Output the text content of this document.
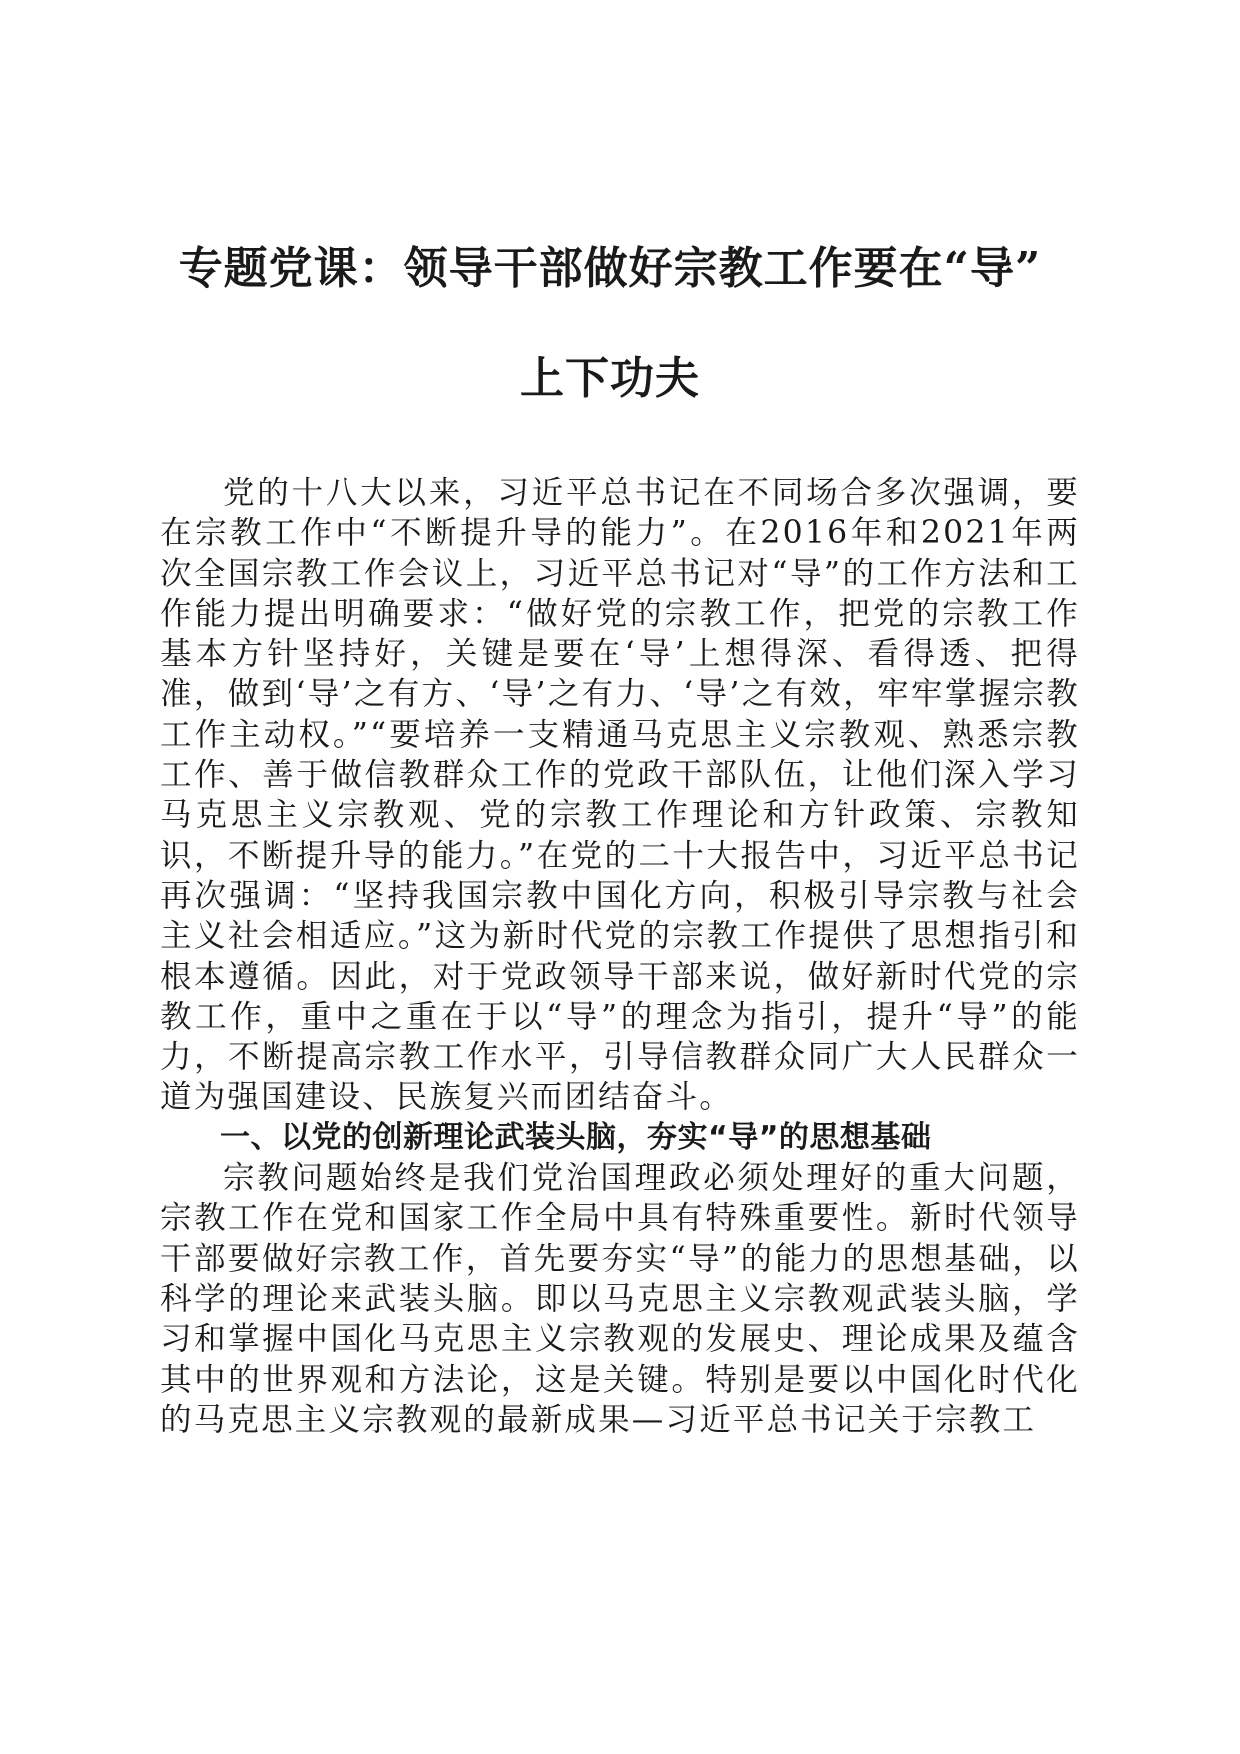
专题党课：领导干部做好宗教工作要在“导”
上下功夫

党的十八大以来，习近平总书记在不同场合多次强调，要在宗教工作中“不断提升导的能力”。在2016年和2021年两次全国宗教工作会议上，习近平总书记对“导”的工作方法和工作能力提出明确要求：“做好党的宗教工作，把党的宗教工作基本方针坚持好，关键是要在‘导’上想得深、看得透、把得准，做到‘导’之有方、‘导’之有力、‘导’之有效，牢牢掌握宗教工作主动权。”“要培养一支精通马克思主义宗教观、熟悉宗教工作、善于做信教群众工作的党政干部队伍，让他们深入学习马克思主义宗教观、党的宗教工作理论和方针政策、宗教知识，不断提升导的能力。”在党的二十大报告中，习近平总书记再次强调：“坚持我国宗教中国化方向，积极引导宗教与社会主义社会相适应。”这为新时代党的宗教工作提供了思想指引和根本遵循。因此，对于党政领导干部来说，做好新时代党的宗教工作，重中之重在于以“导”的理念为指引，提升“导”的能力，不断提高宗教工作水平，引导信教群众同广大人民群众一道为强国建设、民族复兴而团结奋斗。

一、以党的创新理论武装头脑，夯实“导”的思想基础

宗教问题始终是我们党治国理政必须处理好的重大问题，宗教工作在党和国家工作全局中具有特殊重要性。新时代领导干部要做好宗教工作，首先要夯实“导”的能力的思想基础，以科学的理论来武装头脑。即以马克思主义宗教观武装头脑，学习和掌握中国化马克思主义宗教观的发展史、理论成果及蕴含其中的世界观和方法论，这是关键。特别是要以中国化时代化的马克思主义宗教观的最新成果—习近平总书记关于宗教工
